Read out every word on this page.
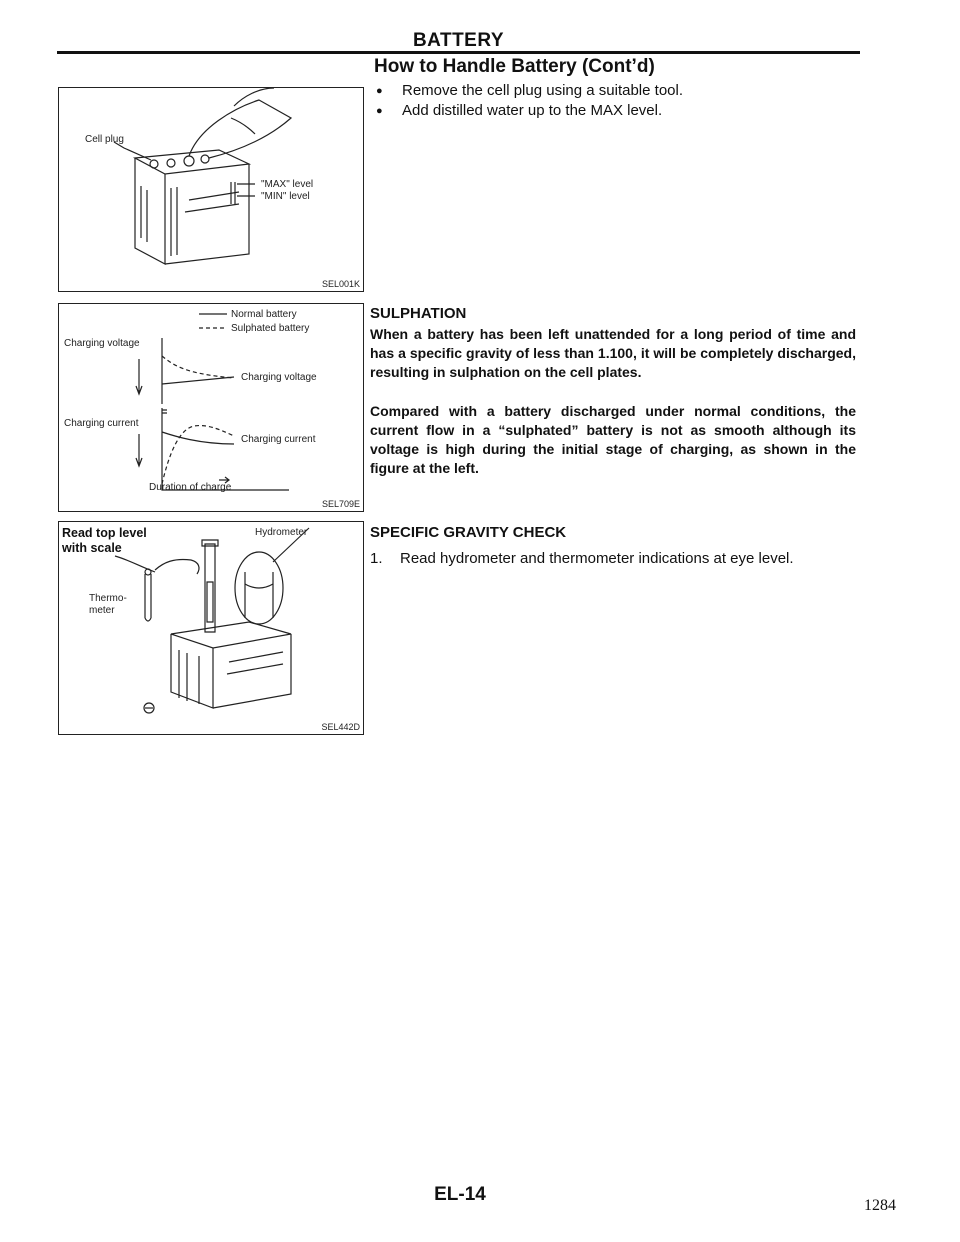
BATTERY
Cell plug
"MAX" level
"MIN" level
SEL001K
Normal battery
Sulphated battery
Charging voltage
Charging voltage
Charging current
Charging current
Duration of charge
SEL709E
Read top level
with scale
Hydrometer
Thermo-
meter
SEL442D
How to Handle Battery (Cont’d)
● Remove the cell plug using a suitable tool.
● Add distilled water up to the MAX level.
SULPHATION

When a battery has been left unattended for a long period of time and has a specific gravity of less than 1.100, it will be completely discharged, resulting in sulphation on the cell plates.

Compared with a battery discharged under normal conditions, the current flow in a “sulphated” battery is not as smooth although its voltage is high during the initial stage of charging, as shown in the figure at the left.

SPECIFIC GRAVITY CHECK
1. Read hydrometer and thermometer indications at eye level.
EL-14
1284
